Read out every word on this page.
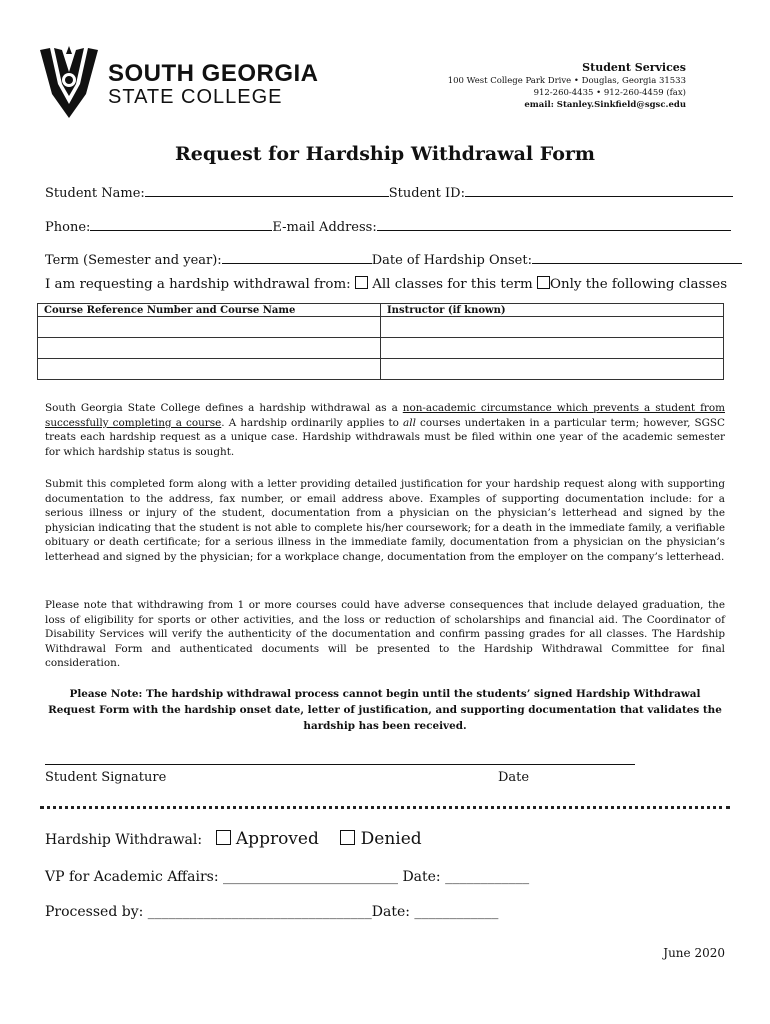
SOUTH GEORGIA
STATE COLLEGE
Student Services
100 West College Park Drive • Douglas, Georgia 31533
912-260-4435 • 912-260-4459 (fax)
email: Stanley.Sinkfield@sgsc.edu
Request for Hardship Withdrawal Form
Student Name:	Student ID:
Phone:	E-mail Address:
Term (Semester and year):	Date of Hardship Onset:
I am requesting a hardship withdrawal from: All classes for this term Only the following classes
Course Reference Number and Course Name	Instructor (if known)

South Georgia State College defines a hardship withdrawal as a non-academic circumstance which prevents a student from successfully completing a course. A hardship ordinarily applies to all courses undertaken in a particular term; however, SGSC treats each hardship request as a unique case. Hardship withdrawals must be filed within one year of the academic semester for which hardship status is sought.
Submit this completed form along with a letter providing detailed justification for your hardship request along with supporting documentation to the address, fax number, or email address above. Examples of supporting documentation include: for a serious illness or injury of the student, documentation from a physician on the physician’s letterhead and signed by the physician indicating that the student is not able to complete his/her coursework; for a death in the immediate family, a verifiable obituary or death certificate; for a serious illness in the immediate family, documentation from a physician on the physician’s letterhead and signed by the physician; for a workplace change, documentation from the employer on the company’s letterhead.
Please note that withdrawing from 1 or more courses could have adverse consequences that include delayed graduation, the loss of eligibility for sports or other activities, and the loss or reduction of scholarships and financial aid. The Coordinator of Disability Services will verify the authenticity of the documentation and confirm passing grades for all classes. The Hardship Withdrawal Form and authenticated documents will be presented to the Hardship Withdrawal Committee for final consideration.
Please Note: The hardship withdrawal process cannot begin until the students’ signed Hardship Withdrawal Request Form with the hardship onset date, letter of justification, and supporting documentation that validates the hardship has been received.
Student Signature	Date
Hardship Withdrawal: Approved Denied
VP for Academic Affairs: _________________________ Date: ____________
Processed by: ________________________________Date: ____________
June 2020
